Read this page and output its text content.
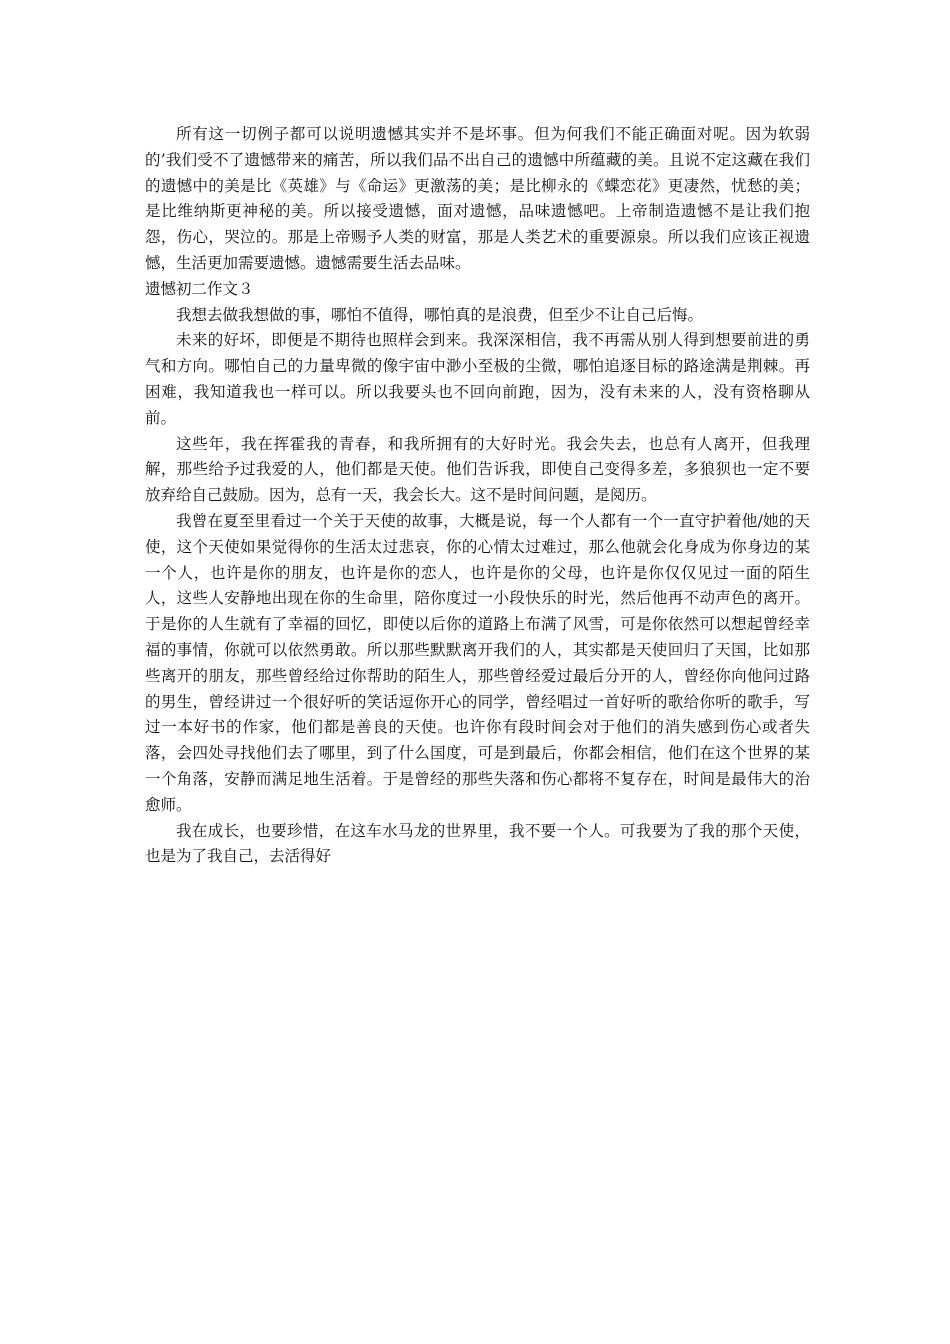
所有这一切例子都可以说明遗憾其实并不是坏事。但为何我们不能正确面对呢。因为软弱的’我们受不了遗憾带来的痛苦，所以我们品不出自己的遗憾中所蕴藏的美。且说不定这藏在我们的遗憾中的美是比《英雄》与《命运》更激荡的美；是比柳永的《蝶恋花》更凄然，忧愁的美；是比维纳斯更神秘的美。所以接受遗憾，面对遗憾，品味遗憾吧。上帝制造遗憾不是让我们抱怨，伤心，哭泣的。那是上帝赐予人类的财富，那是人类艺术的重要源泉。所以我们应该正视遗憾，生活更加需要遗憾。遗憾需要生活去品味。

遗憾初二作文３

我想去做我想做的事，哪怕不值得，哪怕真的是浪费，但至少不让自己后悔。

未来的好坏，即便是不期待也照样会到来。我深深相信，我不再需从别人得到想要前进的勇气和方向。哪怕自己的力量卑微的像宇宙中渺小至极的尘微，哪怕追逐目标的路途满是荆棘。再困难，我知道我也一样可以。所以我要头也不回向前跑，因为，没有未来的人，没有资格聊从前。

这些年，我在挥霍我的青春，和我所拥有的大好时光。我会失去，也总有人离开，但我理解，那些给予过我爱的人，他们都是天使。他们告诉我，即使自己变得多差，多狼狈也一定不要放弃给自己鼓励。因为，总有一天，我会长大。这不是时间问题，是阅历。

我曾在夏至里看过一个关于天使的故事，大概是说，每一个人都有一个一直守护着他/她的天使，这个天使如果觉得你的生活太过悲哀，你的心情太过难过，那么他就会化身成为你身边的某一个人，也许是你的朋友，也许是你的恋人，也许是你的父母，也许是你仅仅见过一面的陌生人，这些人安静地出现在你的生命里，陪你度过一小段快乐的时光，然后他再不动声色的离开。于是你的人生就有了幸福的回忆，即使以后你的道路上布满了风雪，可是你依然可以想起曾经幸福的事情，你就可以依然勇敢。所以那些默默离开我们的人，其实都是天使回归了天国，比如那些离开的朋友，那些曾经给过你帮助的陌生人，那些曾经爱过最后分开的人，曾经你向他问过路的男生，曾经讲过一个很好听的笑话逗你开心的同学，曾经唱过一首好听的歌给你听的歌手，写过一本好书的作家，他们都是善良的天使。也许你有段时间会对于他们的消失感到伤心或者失落，会四处寻找他们去了哪里，到了什么国度，可是到最后，你都会相信，他们在这个世界的某一个角落，安静而满足地生活着。于是曾经的那些失落和伤心都将不复存在，时间是最伟大的治愈师。

我在成长，也要珍惜，在这车水马龙的世界里，我不要一个人。可我要为了我的那个天使，也是为了我自己，去活得好
